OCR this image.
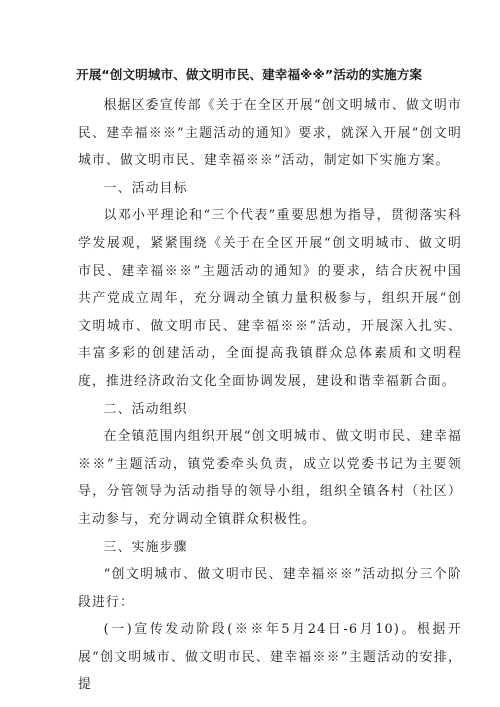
开展“创文明城市、做文明市民、建幸福※※”活动的实施方案

根据区委宣传部《关于在全区开展“创文明城市、做文明市民、建幸福※※”主题活动的通知》要求，就深入开展“创文明城市、做文明市民、建幸福※※”活动，制定如下实施方案。

一、活动目标

以邓小平理论和“三个代表”重要思想为指导，贯彻落实科学发展观，紧紧围绕《关于在全区开展“创文明城市、做文明市民、建幸福※※”主题活动的通知》的要求，结合庆祝中国共产党成立周年，充分调动全镇力量积极参与，组织开展“创文明城市、做文明市民、建幸福※※”活动，开展深入扎实、丰富多彩的创建活动，全面提高我镇群众总体素质和文明程度，推进经济政治文化全面协调发展，建设和谐幸福新合面。

二、活动组织

在全镇范围内组织开展“创文明城市、做文明市民、建幸福※※”主题活动，镇党委牵头负责，成立以党委书记为主要领导，分管领导为活动指导的领导小组，组织全镇各村（社区）主动参与，充分调动全镇群众积极性。

三、实施步骤

“创文明城市、做文明市民、建幸福※※”活动拟分三个阶段进行：

(一)宣传发动阶段(※※年5月24日-6月10)。根据开展“创文明城市、做文明市民、建幸福※※”主题活动的安排，提
